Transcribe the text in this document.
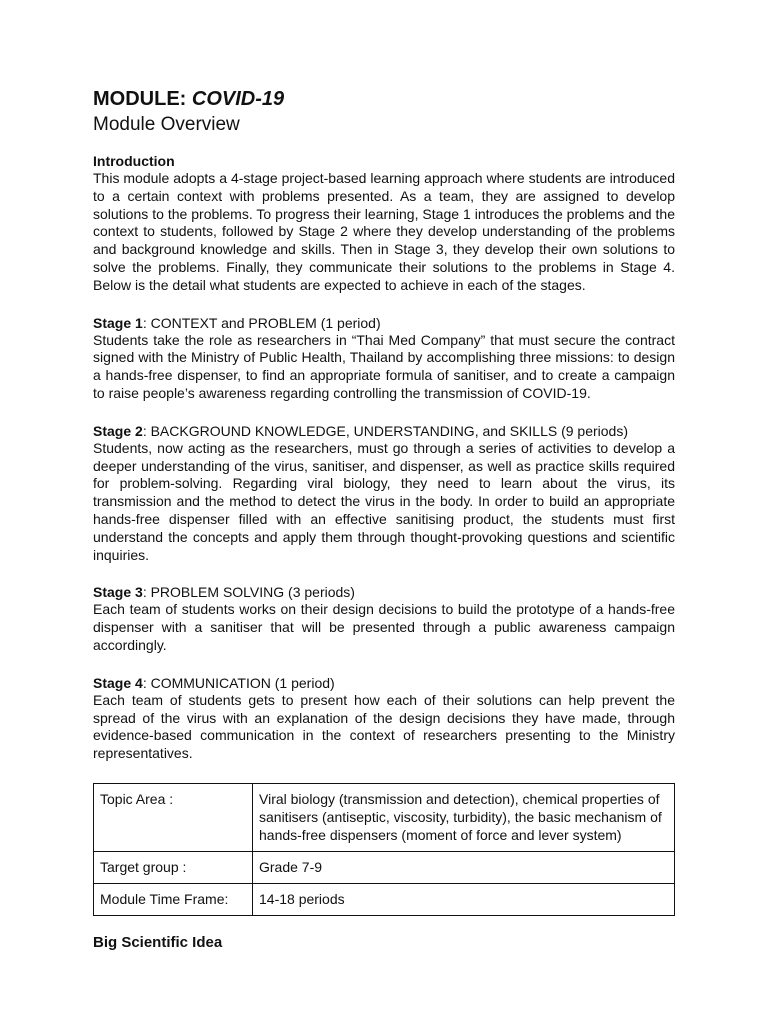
MODULE: COVID-19
Module Overview

Introduction

This module adopts a 4-stage project-based learning approach where students are introduced to a certain context with problems presented. As a team, they are assigned to develop solutions to the problems. To progress their learning, Stage 1 introduces the problems and the context to students, followed by Stage 2 where they develop understanding of the problems and background knowledge and skills. Then in Stage 3, they develop their own solutions to solve the problems. Finally, they communicate their solutions to the problems in Stage 4. Below is the detail what students are expected to achieve in each of the stages.

Stage 1: CONTEXT and PROBLEM (1 period)

Students take the role as researchers in “Thai Med Company” that must secure the contract signed with the Ministry of Public Health, Thailand by accomplishing three missions: to design a hands-free dispenser, to find an appropriate formula of sanitiser, and to create a campaign to raise people’s awareness regarding controlling the transmission of COVID-19.

Stage 2: BACKGROUND KNOWLEDGE, UNDERSTANDING, and SKILLS (9 periods)

Students, now acting as the researchers, must go through a series of activities to develop a deeper understanding of the virus, sanitiser, and dispenser, as well as practice skills required for problem-solving. Regarding viral biology, they need to learn about the virus, its transmission and the method to detect the virus in the body. In order to build an appropriate hands-free dispenser filled with an effective sanitising product, the students must first understand the concepts and apply them through thought-provoking questions and scientific inquiries.

Stage 3: PROBLEM SOLVING (3 periods)

Each team of students works on their design decisions to build the prototype of a hands-free dispenser with a sanitiser that will be presented through a public awareness campaign accordingly.

Stage 4: COMMUNICATION (1 period)

Each team of students gets to present how each of their solutions can help prevent the spread of the virus with an explanation of the design decisions they have made, through evidence-based communication in the context of researchers presenting to the Ministry representatives.

Topic Area :	Viral biology (transmission and detection), chemical properties of sanitisers (antiseptic, viscosity, turbidity), the basic mechanism of hands-free dispensers (moment of force and lever system)
Target group :	Grade 7-9
Module Time Frame:	14-18 periods

Big Scientific Idea
